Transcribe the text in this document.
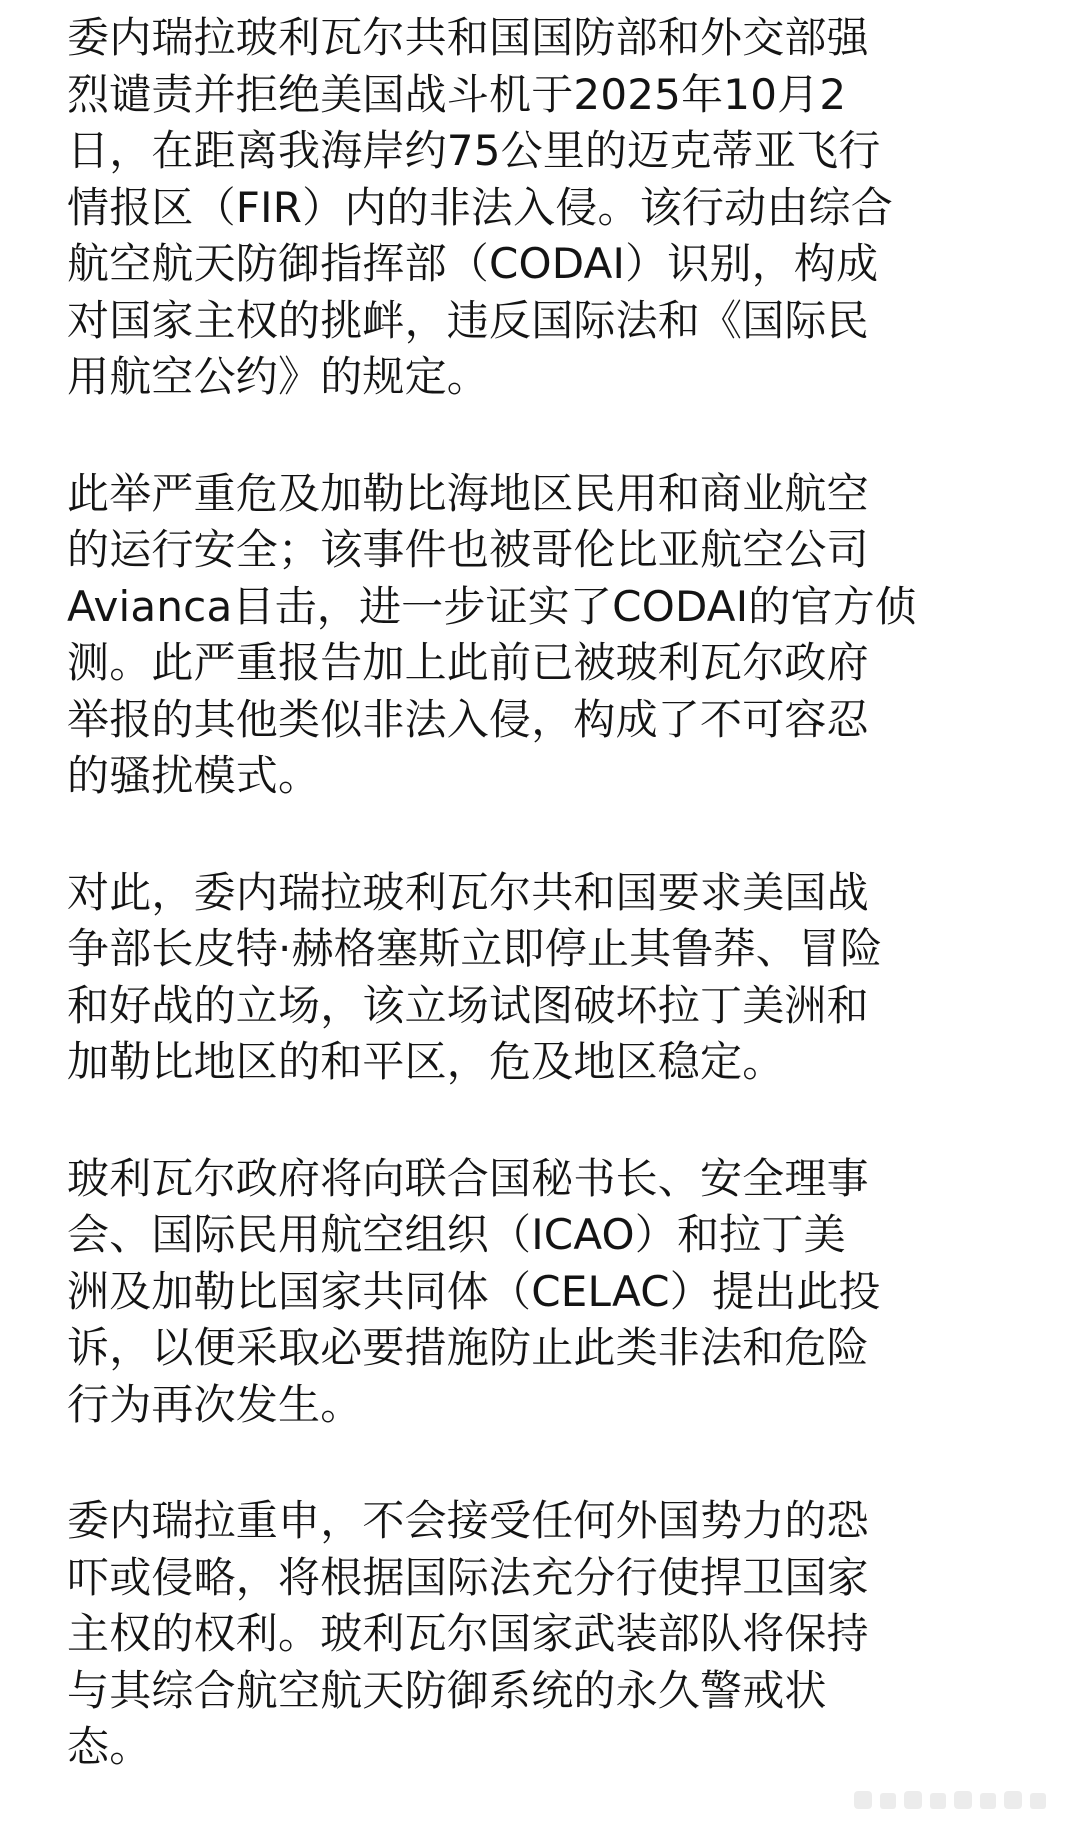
委内瑞拉玻利瓦尔共和国国防部和外交部强
烈谴责并拒绝美国战斗机于2025年10月2
日，在距离我海岸约75公里的迈克蒂亚飞行
情报区（FIR）内的非法入侵。该行动由综合
航空航天防御指挥部（CODAI）识别，构成
对国家主权的挑衅，违反国际法和《国际民
用航空公约》的规定。
此举严重危及加勒比海地区民用和商业航空
的运行安全；该事件也被哥伦比亚航空公司
Avianca目击，进一步证实了CODAI的官方侦
测。此严重报告加上此前已被玻利瓦尔政府
举报的其他类似非法入侵，构成了不可容忍
的骚扰模式。
对此，委内瑞拉玻利瓦尔共和国要求美国战
争部长皮特·赫格塞斯立即停止其鲁莽、冒险
和好战的立场，该立场试图破坏拉丁美洲和
加勒比地区的和平区，危及地区稳定。
玻利瓦尔政府将向联合国秘书长、安全理事
会、国际民用航空组织（ICAO）和拉丁美
洲及加勒比国家共同体（CELAC）提出此投
诉，以便采取必要措施防止此类非法和危险
行为再次发生。
委内瑞拉重申，不会接受任何外国势力的恐
吓或侵略，将根据国际法充分行使捍卫国家
主权的权利。玻利瓦尔国家武装部队将保持
与其综合航空航天防御系统的永久警戒状
态。
